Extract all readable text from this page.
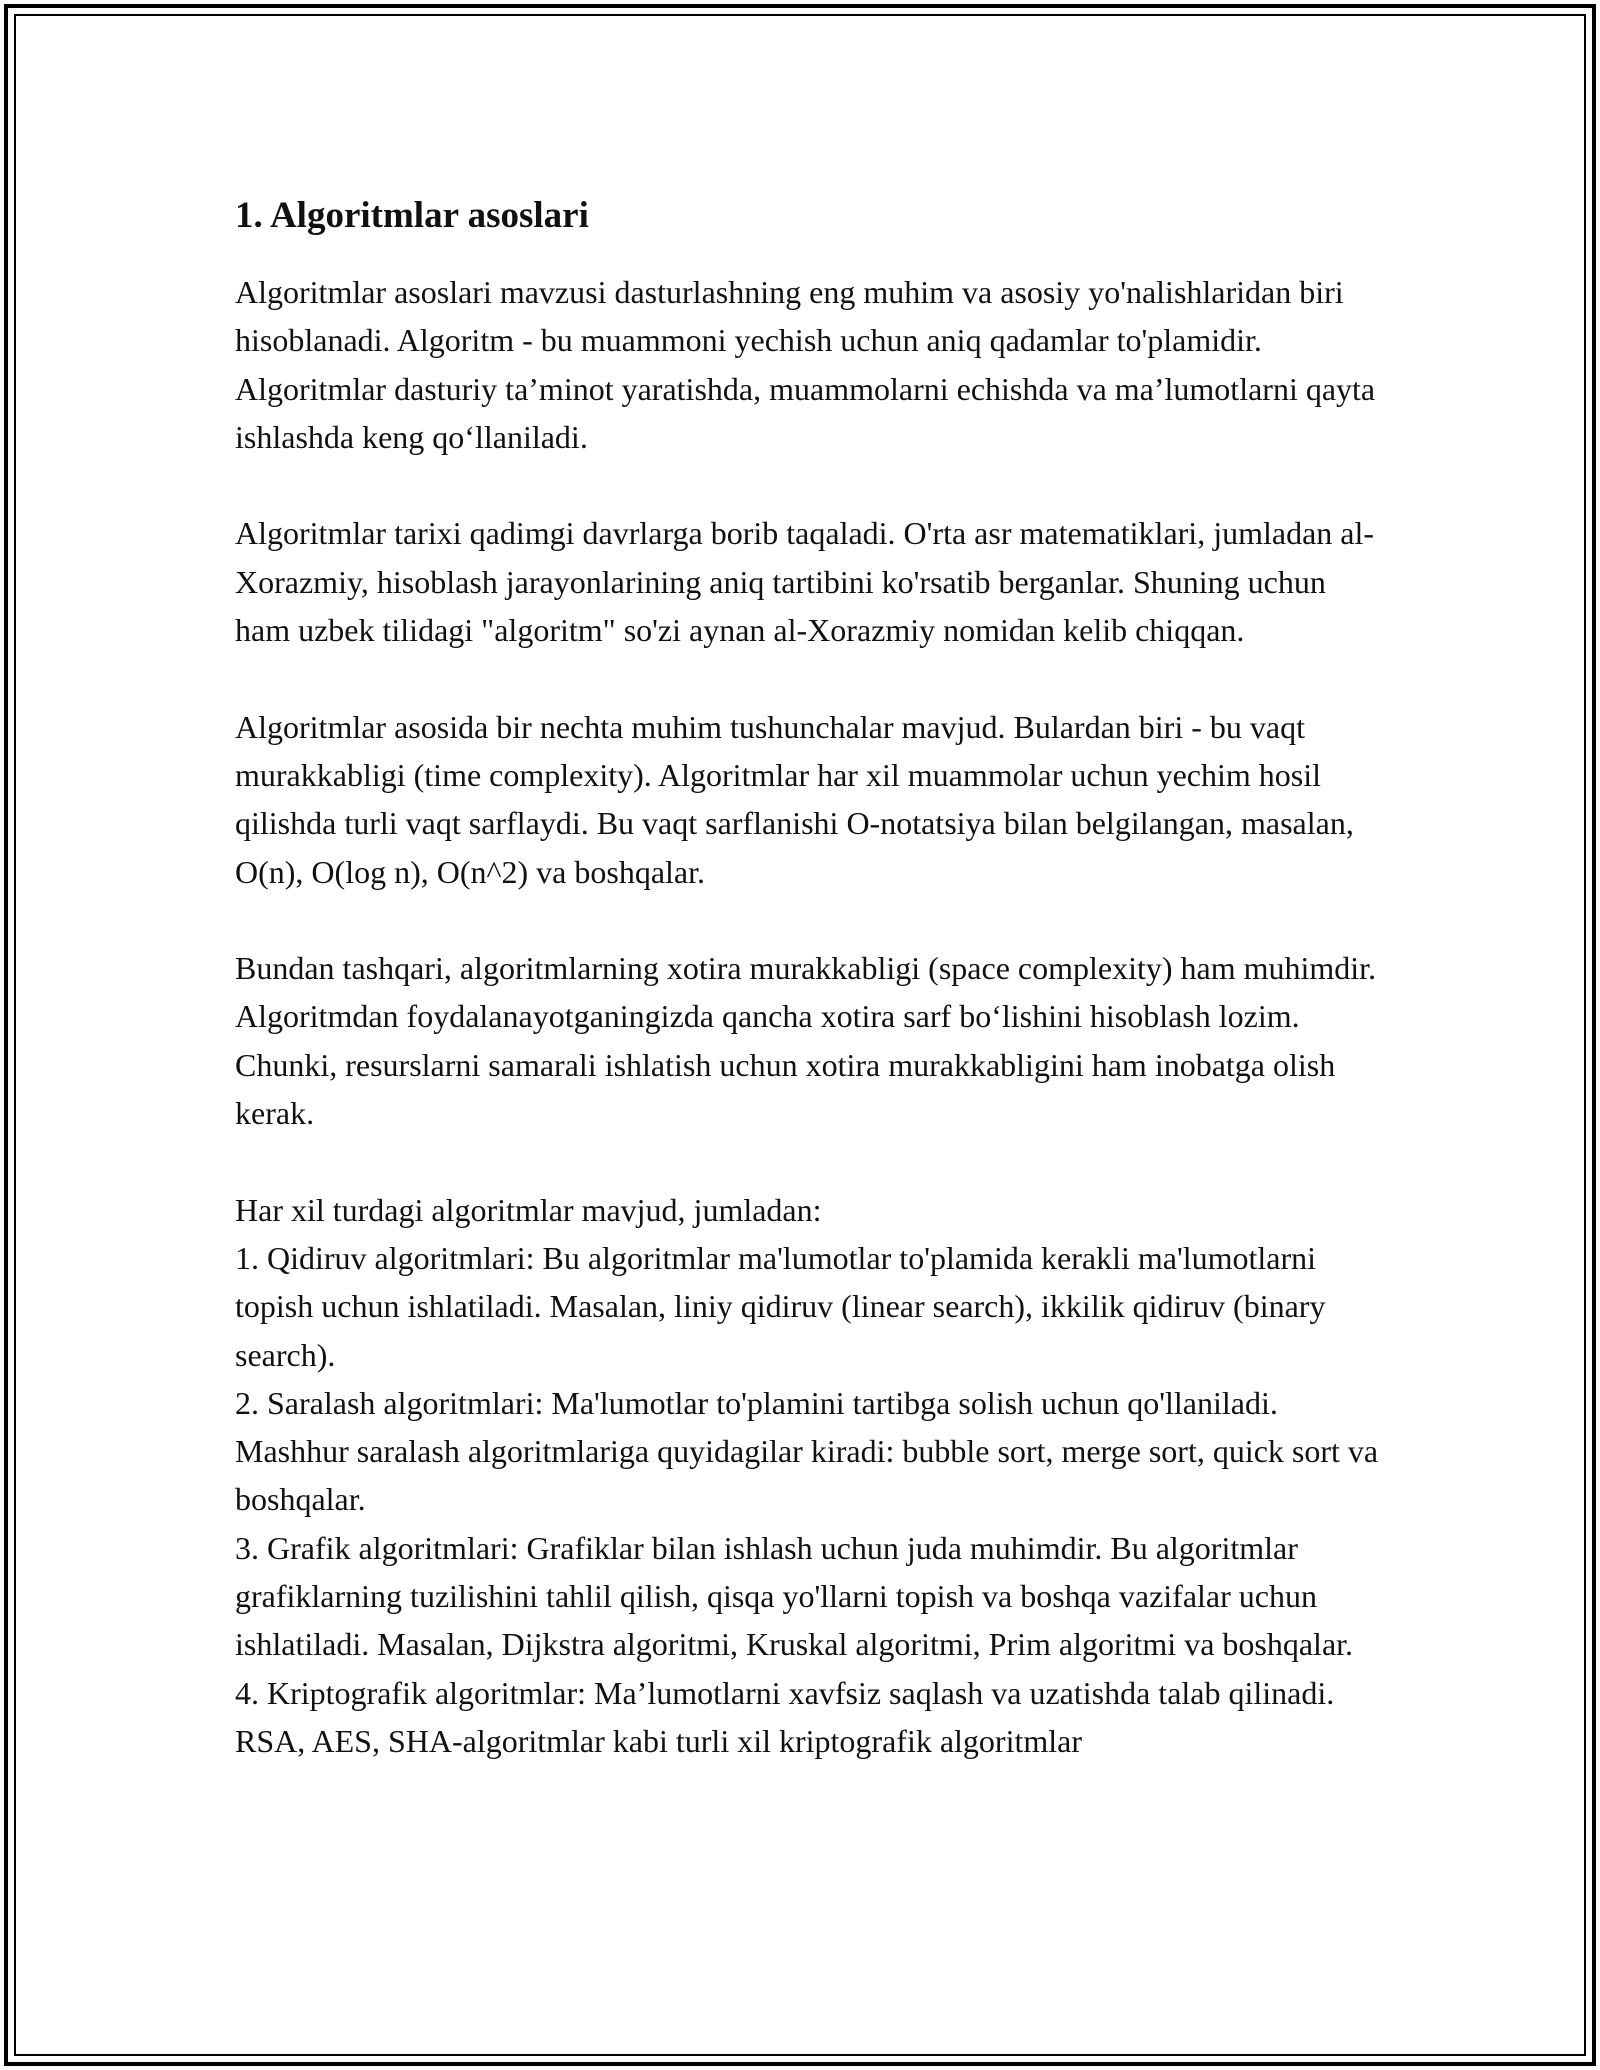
1. Algoritmlar asoslari

Algoritmlar asoslari mavzusi dasturlashning eng muhim va asosiy yo'nalishlaridan biri hisoblanadi. Algoritm - bu muammoni yechish uchun aniq qadamlar to'plamidir. Algoritmlar dasturiy ta’minot yaratishda, muammolarni echishda va ma’lumotlarni qayta ishlashda keng qo‘llaniladi.

Algoritmlar tarixi qadimgi davrlarga borib taqaladi. O'rta asr matematiklari, jumladan al-Xorazmiy, hisoblash jarayonlarining aniq tartibini ko'rsatib berganlar. Shuning uchun ham uzbek tilidagi "algoritm" so'zi aynan al-Xorazmiy nomidan kelib chiqqan.

Algoritmlar asosida bir nechta muhim tushunchalar mavjud. Bulardan biri - bu vaqt murakkabligi (time complexity). Algoritmlar har xil muammolar uchun yechim hosil qilishda turli vaqt sarflaydi. Bu vaqt sarflanishi O-notatsiya bilan belgilangan, masalan, O(n), O(log n), O(n^2) va boshqalar.

Bundan tashqari, algoritmlarning xotira murakkabligi (space complexity) ham muhimdir. Algoritmdan foydalanayotganingizda qancha xotira sarf bo‘lishini hisoblash lozim. Chunki, resurslarni samarali ishlatish uchun xotira murakkabligini ham inobatga olish kerak.

Har xil turdagi algoritmlar mavjud, jumladan:
1. Qidiruv algoritmlari: Bu algoritmlar ma'lumotlar to'plamida kerakli ma'lumotlarni topish uchun ishlatiladi. Masalan, liniy qidiruv (linear search), ikkilik qidiruv (binary search).
2. Saralash algoritmlari: Ma'lumotlar to'plamini tartibga solish uchun qo'llaniladi. Mashhur saralash algoritmlariga quyidagilar kiradi: bubble sort, merge sort, quick sort va boshqalar.
3. Grafik algoritmlari: Grafiklar bilan ishlash uchun juda muhimdir. Bu algoritmlar grafiklarning tuzilishini tahlil qilish, qisqa yo'llarni topish va boshqa vazifalar uchun ishlatiladi. Masalan, Dijkstra algoritmi, Kruskal algoritmi, Prim algoritmi va boshqalar.
4. Kriptografik algoritmlar: Ma’lumotlarni xavfsiz saqlash va uzatishda talab qilinadi. RSA, AES, SHA-algoritmlar kabi turli xil kriptografik algoritmlar
